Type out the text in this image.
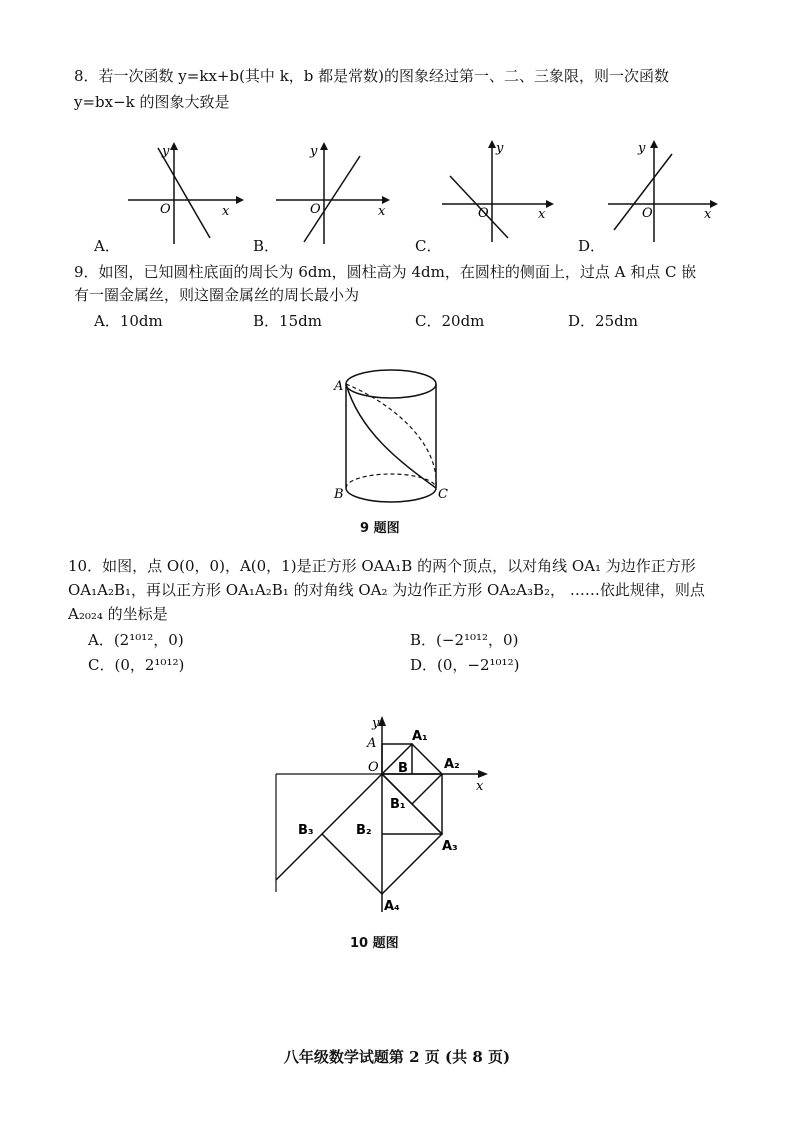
8．若一次函数 y=kx+b(其中 k，b 都是常数)的图象经过第一、二、三象限，则一次函数
y=bx−k 的图象大致是
y
O	x
A．
y
O	x
B．
y
O	x
C．
y
O	x
D．
9．如图，已知圆柱底面的周长为 6dm，圆柱高为 4dm，在圆柱的侧面上，过点 A 和点 C 嵌
有一圈金属丝，则这圈金属丝的周长最小为
A．10dm	B．15dm	C．20dm	D．25dm
A
B	C
9 题图
10．如图，点 O(0，0)，A(0，1)是正方形 OAA₁B 的两个顶点，以对角线 OA₁ 为边作正方形
OA₁A₂B₁，再以正方形 OA₁A₂B₁ 的对角线 OA₂ 为边作正方形 OA₂A₃B₂， ……依此规律，则点
A₂₀₂₄ 的坐标是
A．(2¹⁰¹²，0)	B．(−2¹⁰¹²，0)
C．(0，2¹⁰¹²)	D．(0，−2¹⁰¹²)
y
x
A
O B
A₁
A₂
B₁
B₂
A₃
B₃
A₄
10 题图
八年级数学试题第 2 页 (共 8 页)
